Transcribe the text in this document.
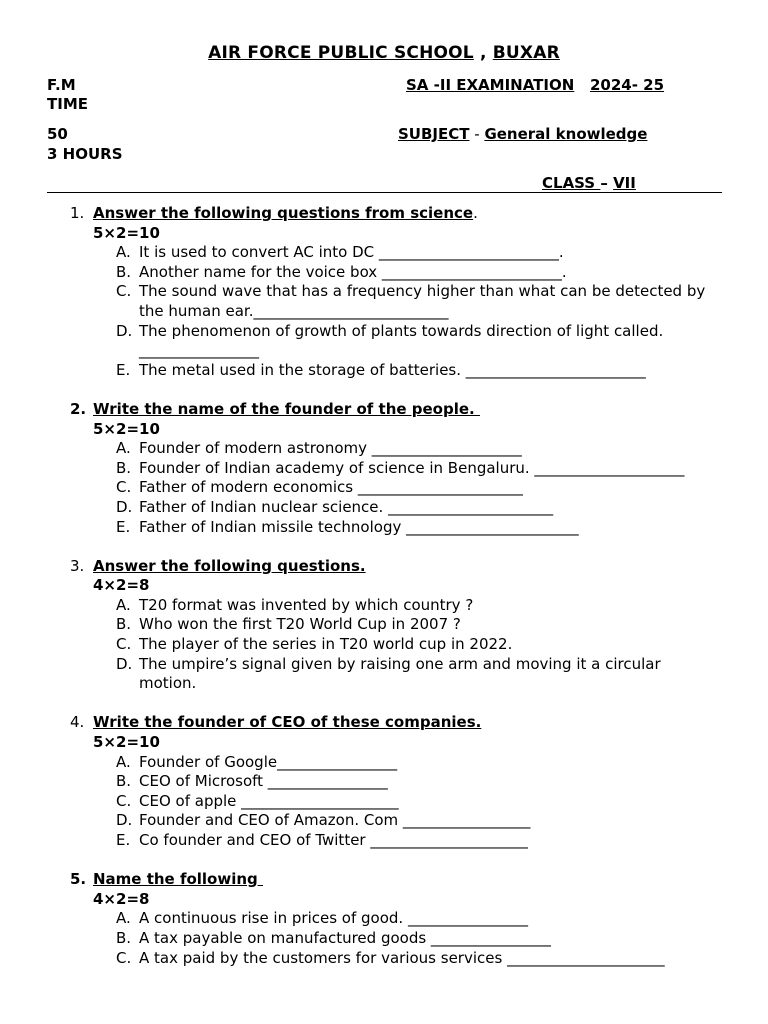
AIR FORCE PUBLIC SCHOOL , BUXAR
F.M
TIME
SA -II EXAMINATION 2024- 25
50
3 HOURS
SUBJECT - General knowledge
CLASS – VII
1. Answer the following questions from science.
5×2=10
A. It is used to convert AC into DC ________________________.
B. Another name for the voice box ________________________.
C. The sound wave that has a frequency higher than what can be detected by the human ear.__________________________
D. The phenomenon of growth of plants towards direction of light called.
________________
E. The metal used in the storage of batteries. ________________________
2. Write the name of the founder of the people.
5×2=10
A. Founder of modern astronomy ____________________
B. Founder of Indian academy of science in Bengaluru. ____________________
C. Father of modern economics ______________________
D. Father of Indian nuclear science. ______________________
E. Father of Indian missile technology _______________________
3. Answer the following questions.
4×2=8
A. T20 format was invented by which country ?
B. Who won the first T20 World Cup in 2007 ?
C. The player of the series in T20 world cup in 2022.
D. The umpire’s signal given by raising one arm and moving it a circular motion.
4. Write the founder of CEO of these companies.
5×2=10
A. Founder of Google________________
B. CEO of Microsoft ________________
C. CEO of apple _____________________
D. Founder and CEO of Amazon. Com _________________
E. Co founder and CEO of Twitter _____________________
5. Name the following
4×2=8
A. A continuous rise in prices of good. ________________
B. A tax payable on manufactured goods ________________
C. A tax paid by the customers for various services _____________________
